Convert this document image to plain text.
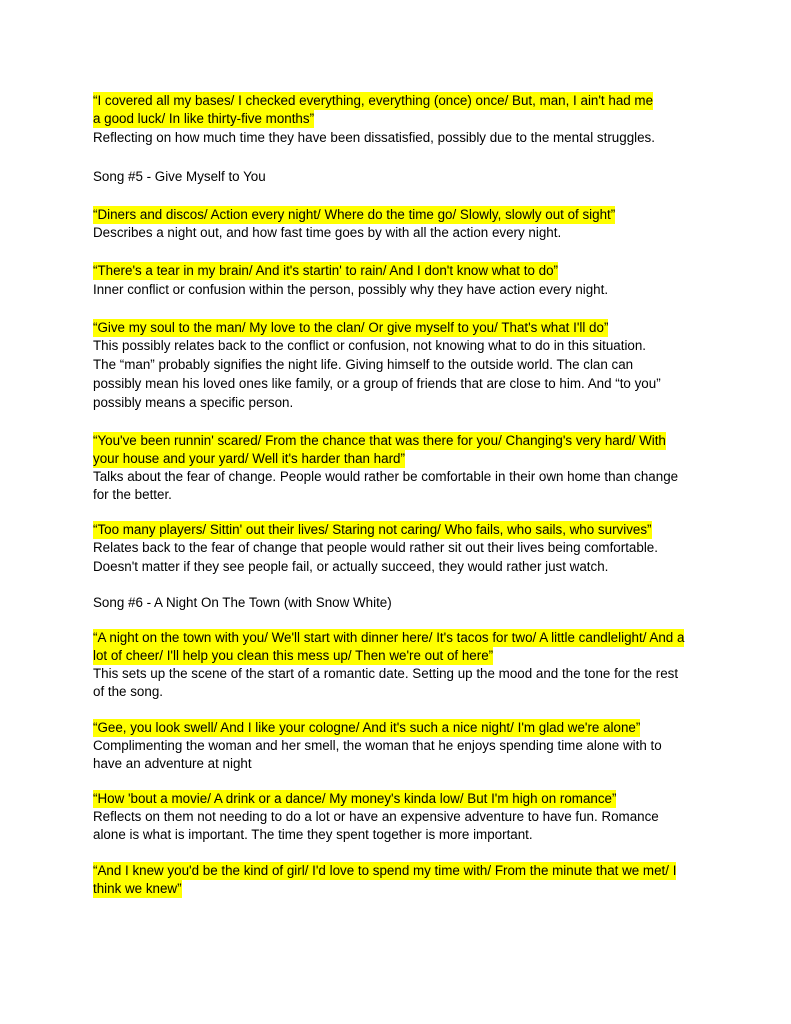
“I covered all my bases/ I checked everything, everything (once) once/ But, man, I ain't had me
a good luck/ In like thirty-five months”
Reflecting on how much time they have been dissatisfied, possibly due to the mental struggles.
Song #5 - Give Myself to You
“Diners and discos/ Action every night/ Where do the time go/ Slowly, slowly out of sight”
Describes a night out, and how fast time goes by with all the action every night.
“There's a tear in my brain/ And it's startin' to rain/ And I don't know what to do”
Inner conflict or confusion within the person, possibly why they have action every night.
“Give my soul to the man/ My love to the clan/ Or give myself to you/ That's what I'll do”
This possibly relates back to the conflict or confusion, not knowing what to do in this situation.
The “man” probably signifies the night life. Giving himself to the outside world. The clan can
possibly mean his loved ones like family, or a group of friends that are close to him. And “to you”
possibly means a specific person.
“You've been runnin' scared/ From the chance that was there for you/ Changing's very hard/ With
your house and your yard/ Well it's harder than hard”
Talks about the fear of change. People would rather be comfortable in their own home than change
for the better.
“Too many players/ Sittin' out their lives/ Staring not caring/ Who fails, who sails, who survives”
Relates back to the fear of change that people would rather sit out their lives being comfortable.
Doesn't matter if they see people fail, or actually succeed, they would rather just watch.
Song #6 - A Night On The Town (with Snow White)
“A night on the town with you/ We'll start with dinner here/ It's tacos for two/ A little candlelight/ And a
lot of cheer/ I'll help you clean this mess up/ Then we're out of here”
This sets up the scene of the start of a romantic date. Setting up the mood and the tone for the rest
of the song.
“Gee, you look swell/ And I like your cologne/ And it's such a nice night/ I'm glad we're alone”
Complimenting the woman and her smell, the woman that he enjoys spending time alone with to
have an adventure at night
“How 'bout a movie/ A drink or a dance/ My money's kinda low/ But I'm high on romance”
Reflects on them not needing to do a lot or have an expensive adventure to have fun. Romance
alone is what is important. The time they spent together is more important.
“And I knew you'd be the kind of girl/ I'd love to spend my time with/ From the minute that we met/ I
think we knew”
